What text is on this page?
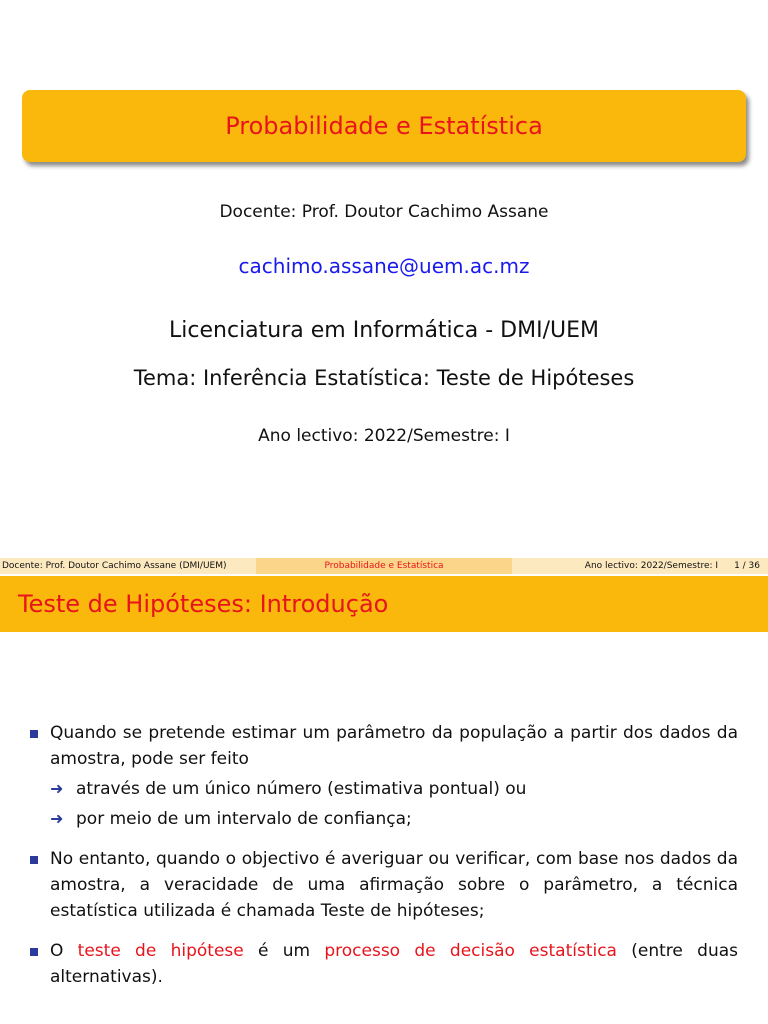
Probabilidade e Estatística
Docente: Prof. Doutor Cachimo Assane
cachimo.assane@uem.ac.mz
Licenciatura em Informática - DMI/UEM
Tema: Inferência Estatística: Teste de Hipóteses
Ano lectivo: 2022/Semestre: I
Docente: Prof. Doutor Cachimo Assane (DMI/UEM)	Probabilidade e Estatística	Ano lectivo: 2022/Semestre: I 1 / 36
Teste de Hipóteses: Introdução
Quando se pretende estimar um parâmetro da população a partir dos dados da amostra, pode ser feito
➜ através de um único número (estimativa pontual) ou
➜ por meio de um intervalo de confiança;
No entanto, quando o objectivo é averiguar ou verificar, com base nos dados da amostra, a veracidade de uma afirmação sobre o parâmetro, a técnica estatística utilizada é chamada Teste de hipóteses;
O teste de hipótese é um processo de decisão estatística (entre duas alternativas).
